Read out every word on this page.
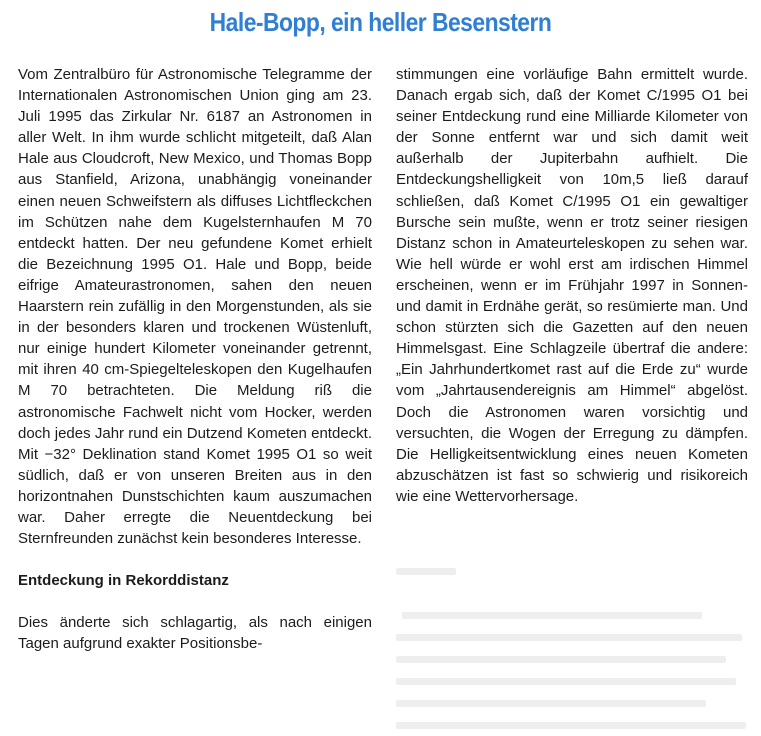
Hale-Bopp, ein heller Besenstern

Vom Zentralbüro für Astronomische Telegramme der Internationalen Astronomischen Union ging am 23. Juli 1995 das Zirkular Nr. 6187 an Astronomen in aller Welt. In ihm wurde schlicht mitgeteilt, daß Alan Hale aus Cloudcroft, New Mexico, und Thomas Bopp aus Stanfield, Arizona, unabhängig voneinander einen neuen Schweifstern als diffuses Lichtfleckchen im Schützen nahe dem Kugelsternhaufen M 70 entdeckt hatten. Der neu gefundene Komet erhielt die Bezeichnung 1995 O1. Hale und Bopp, beide eifrige Amateurastronomen, sahen den neuen Haarstern rein zufällig in den Morgenstunden, als sie in der besonders klaren und trockenen Wüstenluft, nur einige hundert Kilometer voneinander getrennt, mit ihren 40 cm-Spiegelteleskopen den Kugelhaufen M 70 betrachteten. Die Meldung riß die astronomische Fachwelt nicht vom Hocker, werden doch jedes Jahr rund ein Dutzend Kometen entdeckt. Mit −32° Deklination stand Komet 1995 O1 so weit südlich, daß er von unseren Breiten aus in den horizontnahen Dunstschichten kaum auszumachen war. Daher erregte die Neuentdeckung bei Sternfreunden zunächst kein besonderes Interesse.

Entdeckung in Rekorddistanz

Dies änderte sich schlagartig, als nach einigen Tagen aufgrund exakter Positionsbe-

stimmungen eine vorläufige Bahn ermittelt wurde. Danach ergab sich, daß der Komet C/1995 O1 bei seiner Entdeckung rund eine Milliarde Kilometer von der Sonne entfernt war und sich damit weit außerhalb der Jupiterbahn aufhielt. Die Entdeckungshelligkeit von 10m,5 ließ darauf schließen, daß Komet C/1995 O1 ein gewaltiger Bursche sein mußte, wenn er trotz seiner riesigen Distanz schon in Amateurteleskopen zu sehen war. Wie hell würde er wohl erst am irdischen Himmel erscheinen, wenn er im Frühjahr 1997 in Sonnen- und damit in Erdnähe gerät, so resümierte man. Und schon stürzten sich die Gazetten auf den neuen Himmelsgast. Eine Schlagzeile übertraf die andere: „Ein Jahrhundertkomet rast auf die Erde zu“ wurde vom „Jahrtausendereignis am Himmel“ abgelöst. Doch die Astronomen waren vorsichtig und versuchten, die Wogen der Erregung zu dämpfen. Die Helligkeitsentwicklung eines neuen Kometen abzuschätzen ist fast so schwierig und risikoreich wie eine Wettervorhersage.
